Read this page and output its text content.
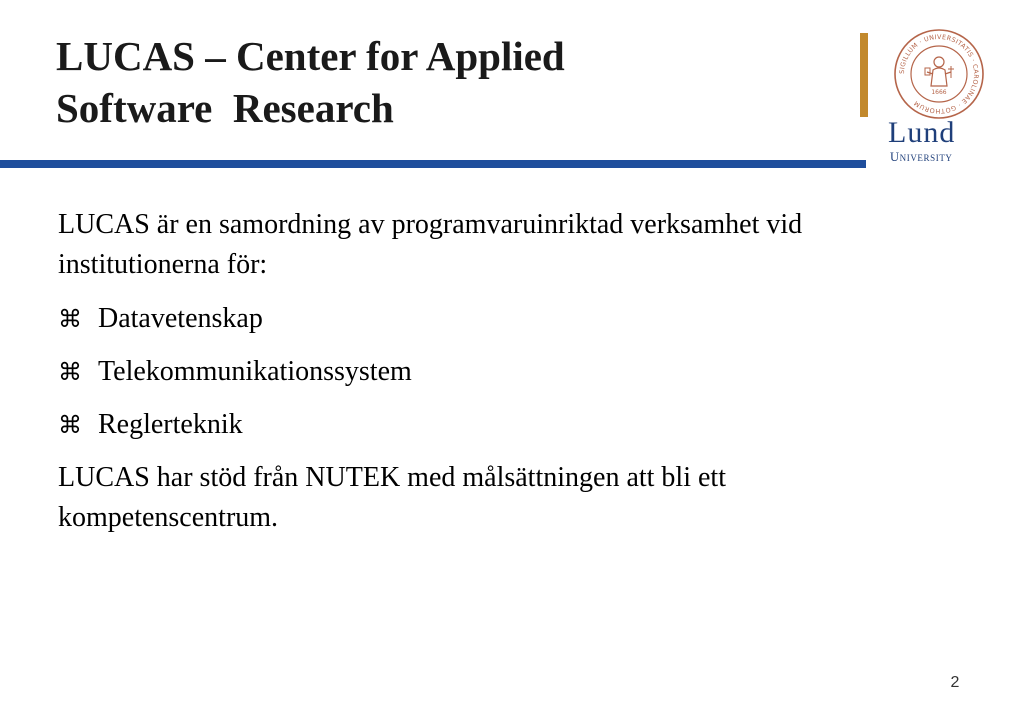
LUCAS – Center for Applied
Software  Research
SIGILLUM · UNIVERSITATIS · CAROLINAE · GOTHORUM
1666
Lund
University

LUCAS är en samordning av programvaruinriktad verksamhet vid institutionerna för:

⌘ Datavetenskap
⌘ Telekommunikationssystem
⌘ Reglerteknik

LUCAS har stöd från NUTEK med målsättningen att bli ett kompetenscentrum.

2
